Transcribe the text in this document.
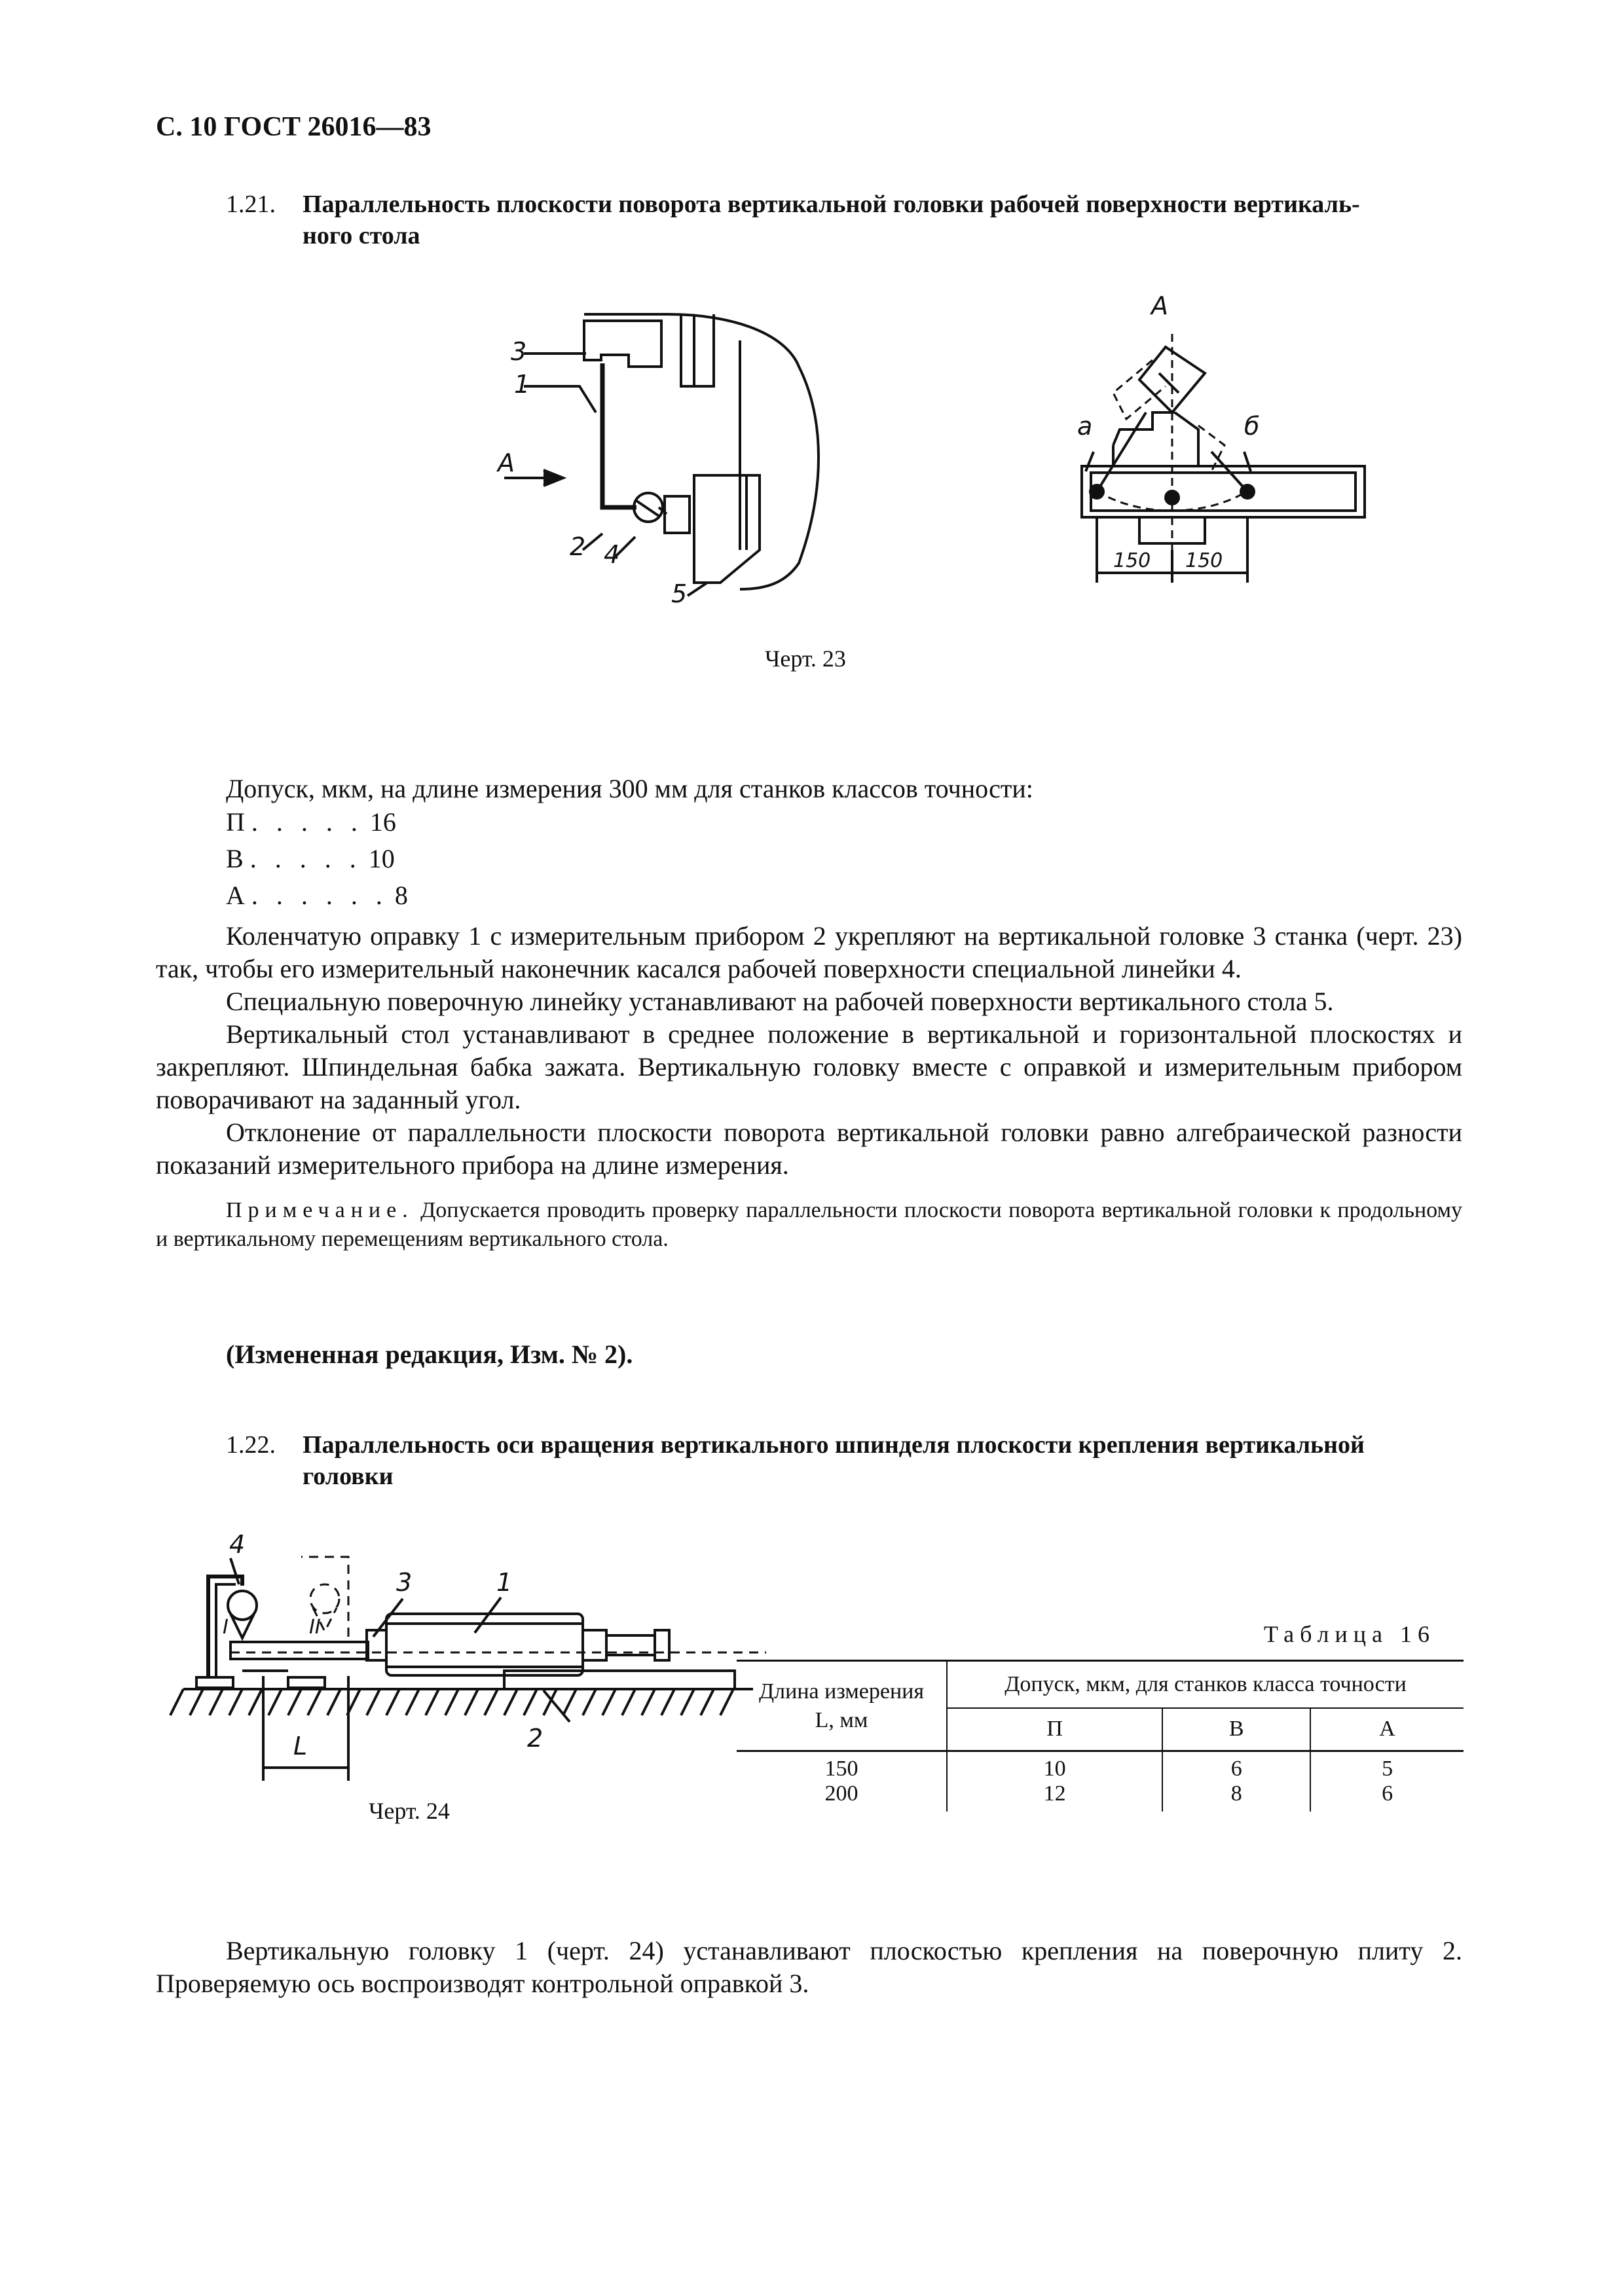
С. 10 ГОСТ 26016—83
1.21. Параллельность плоскости поворота вертикальной головки рабочей поверхности вертикаль-
ного стола
3
1
A
2 4
5
A
а	б
150 150
Черт. 23
Допуск, мкм, на длине измерения 300 мм для станков классов точности:
П . . . . . 16
В . . . . . 10
А . . . . . . 8

Коленчатую оправку 1 с измерительным прибором 2 укрепляют на вертикальной головке 3 станка (черт. 23) так, чтобы его измерительный наконечник касался рабочей поверхности специальной линейки 4.

Специальную поверочную линейку устанавливают на рабочей поверхности вертикального стола 5.

Вертикальный стол устанавливают в среднее положение в вертикальной и горизонтальной плоскостях и закрепляют. Шпиндельная бабка зажата. Вертикальную головку вместе с оправкой и измерительным прибором поворачивают на заданный угол.

Отклонение от параллельности плоскости поворота вертикальной головки равно алгебраической разности показаний измерительного прибора на длине измерения.

Примечание. Допускается проводить проверку параллельности плоскости поворота вертикальной головки к продольному и вертикальному перемещениям вертикального стола.

(Измененная редакция, Изм. № 2).
1.22. Параллельность оси вращения вертикального шпинделя плоскости крепления вертикальной
головки
4
3	1
I	II
L	2
Черт. 24
Таблица 16
Длина измерения
L, мм	Допуск, мкм, для станков класса точности		
	П	В	А
150	10	6	5
200	12	8	6

Вертикальную головку 1 (черт. 24) устанавливают плоскостью крепления на поверочную плиту 2. Проверяемую ось воспроизводят контрольной оправкой 3.
